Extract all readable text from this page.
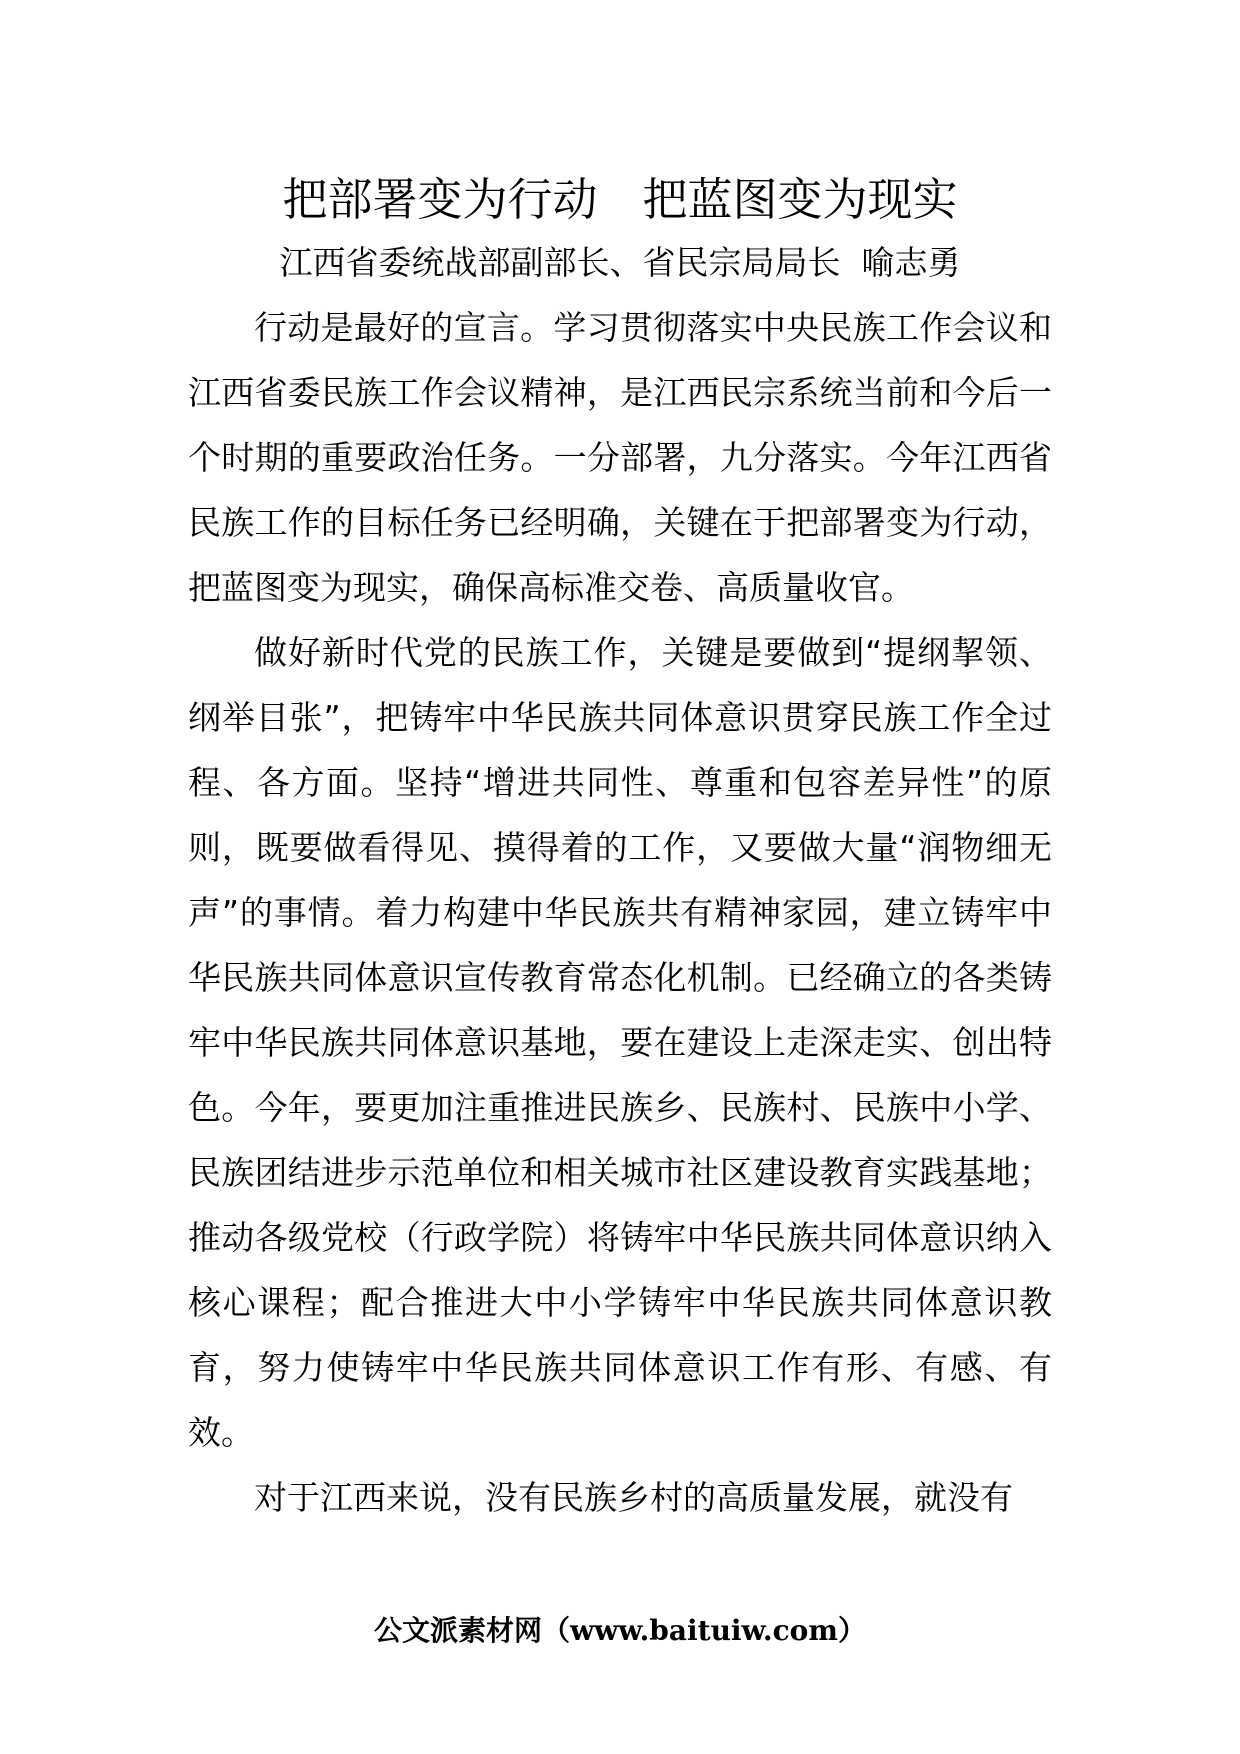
把部署变为行动　把蓝图变为现实
江西省委统战部副部长、省民宗局局长  喻志勇

行动是最好的宣言。学习贯彻落实中央民族工作会议和江西省委民族工作会议精神，是江西民宗系统当前和今后一个时期的重要政治任务。一分部署，九分落实。今年江西省民族工作的目标任务已经明确，关键在于把部署变为行动，把蓝图变为现实，确保高标准交卷、高质量收官。

做好新时代党的民族工作，关键是要做到“提纲挈领、纲举目张”，把铸牢中华民族共同体意识贯穿民族工作全过程、各方面。坚持“增进共同性、尊重和包容差异性”的原则，既要做看得见、摸得着的工作，又要做大量“润物细无声”的事情。着力构建中华民族共有精神家园，建立铸牢中华民族共同体意识宣传教育常态化机制。已经确立的各类铸牢中华民族共同体意识基地，要在建设上走深走实、创出特色。今年，要更加注重推进民族乡、民族村、民族中小学、民族团结进步示范单位和相关城市社区建设教育实践基地；推动各级党校（行政学院）将铸牢中华民族共同体意识纳入核心课程；配合推进大中小学铸牢中华民族共同体意识教育，努力使铸牢中华民族共同体意识工作有形、有感、有效。

对于江西来说，没有民族乡村的高质量发展，就没有

公文派素材网（www.baituiw.com）
